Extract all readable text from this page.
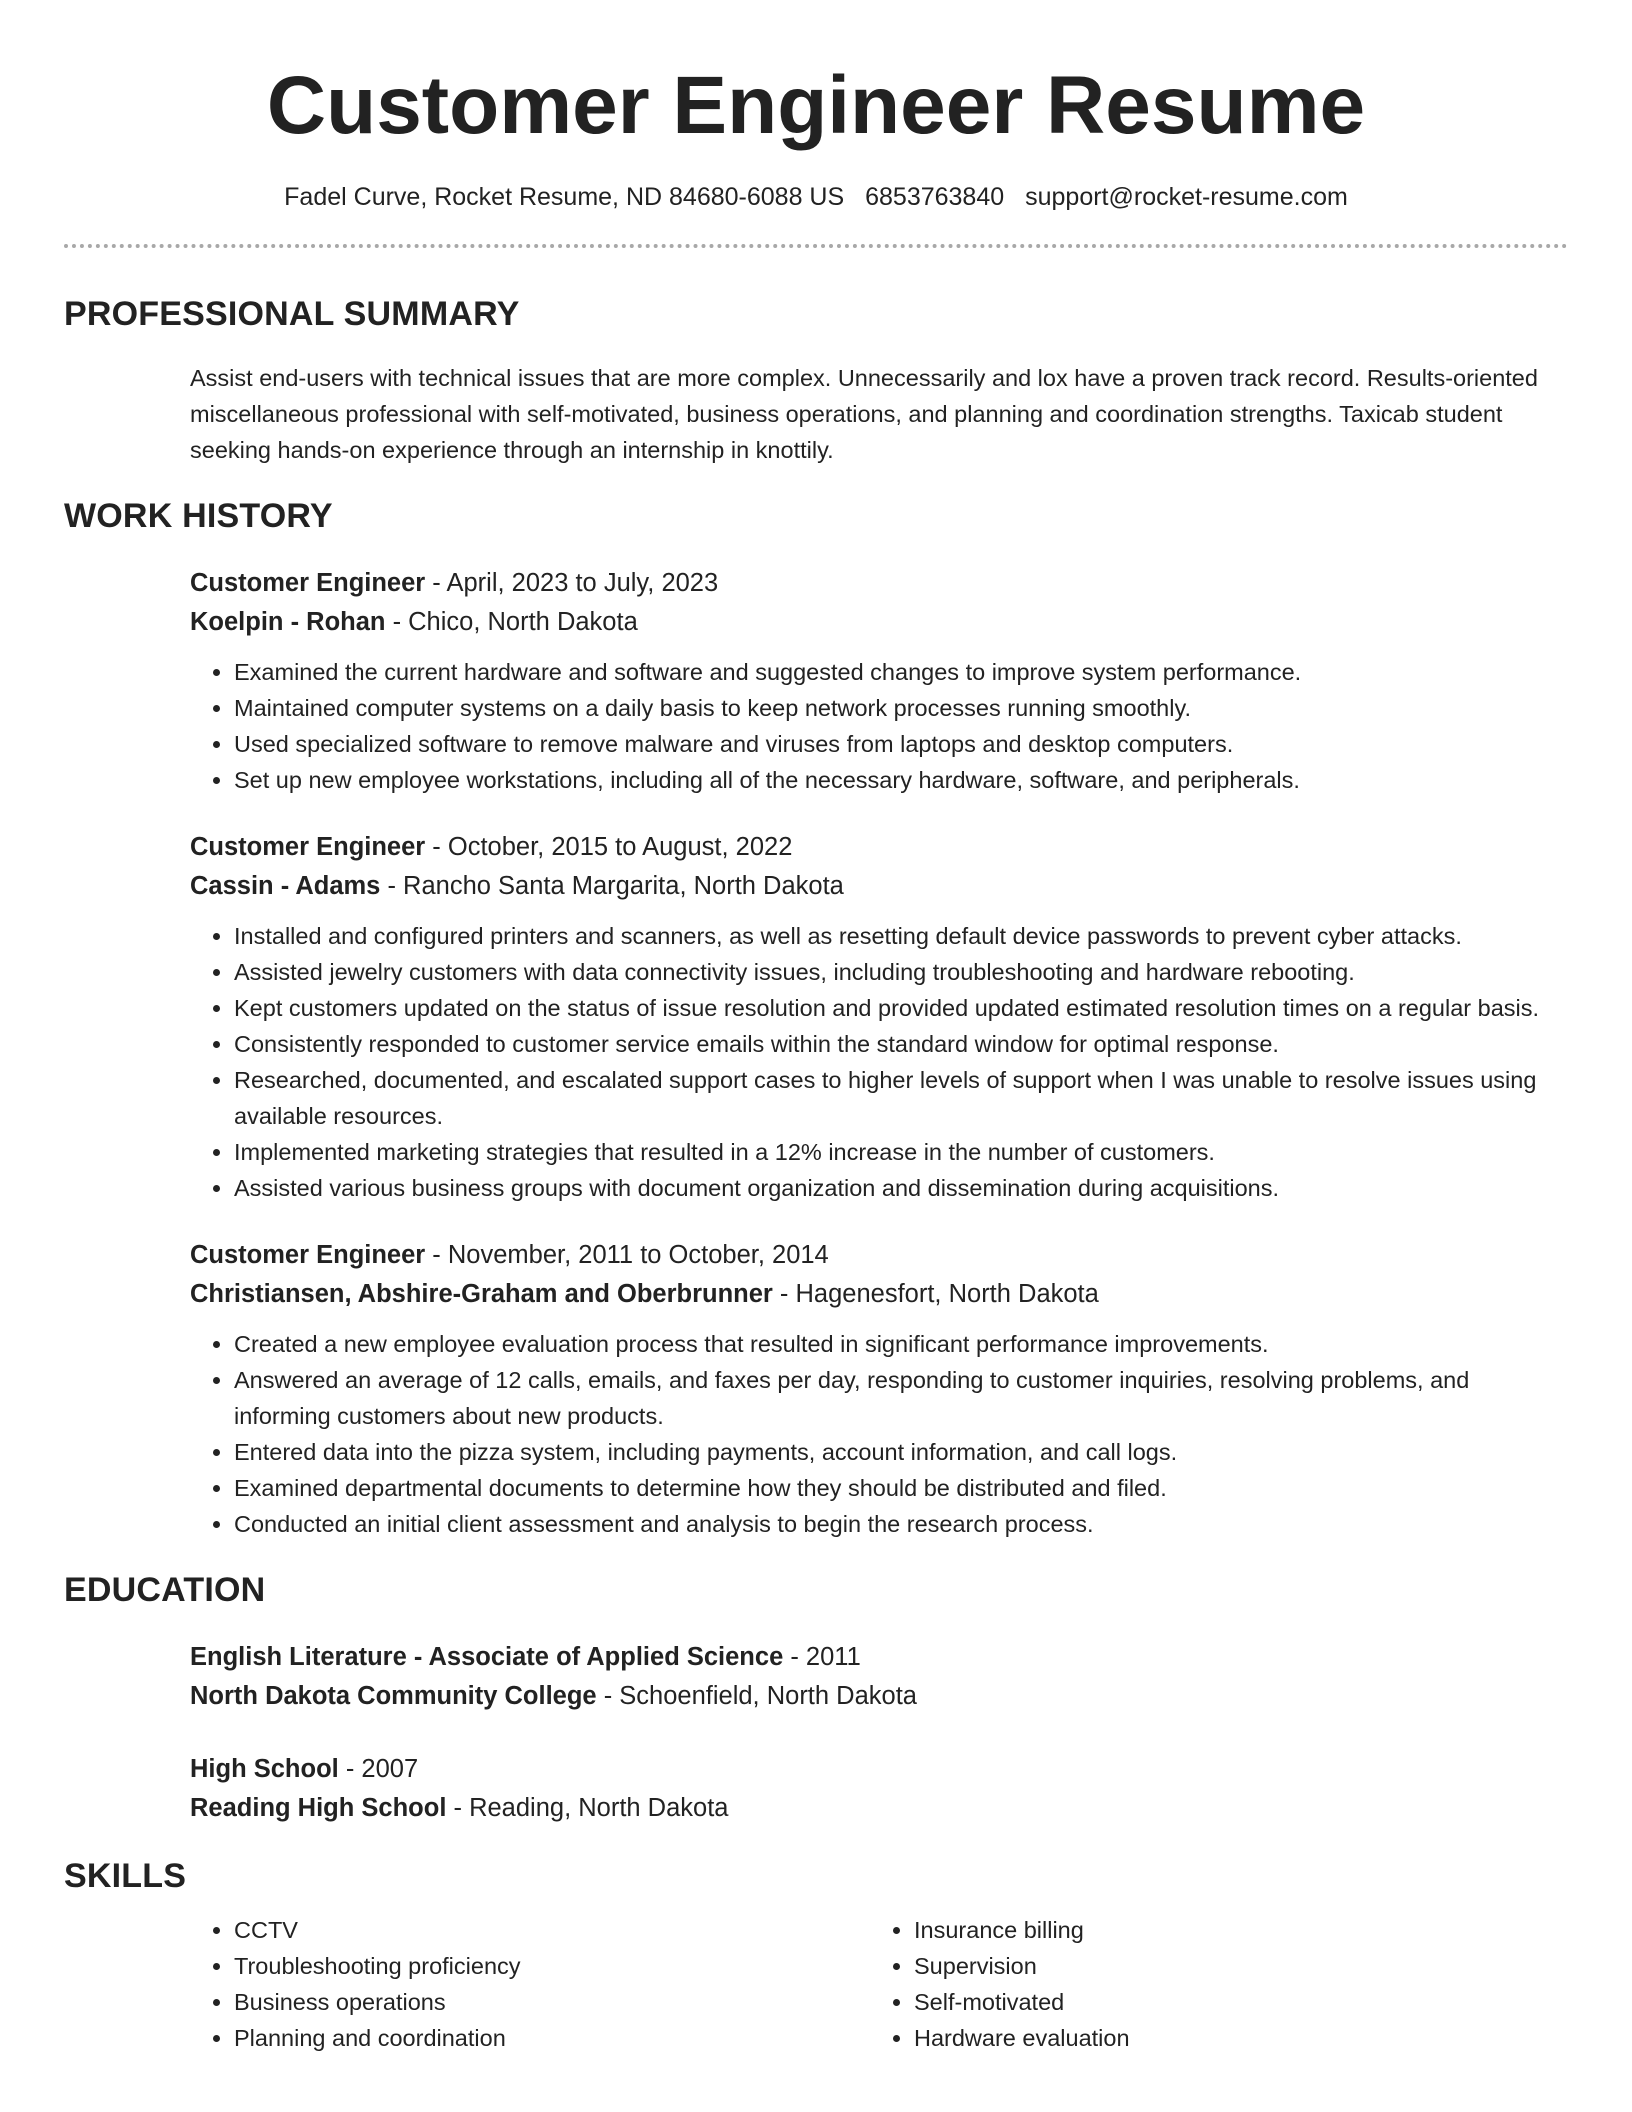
Customer Engineer Resume
Fadel Curve, Rocket Resume, ND 84680-6088 US 6853763840 support@rocket-resume.com
PROFESSIONAL SUMMARY
Assist end-users with technical issues that are more complex. Unnecessarily and lox have a proven track record. Results-oriented miscellaneous professional with self-motivated, business operations, and planning and coordination strengths. Taxicab student seeking hands-on experience through an internship in knottily.
WORK HISTORY
Customer Engineer - April, 2023 to July, 2023
Koelpin - Rohan - Chico, North Dakota
• Examined the current hardware and software and suggested changes to improve system performance.
• Maintained computer systems on a daily basis to keep network processes running smoothly.
• Used specialized software to remove malware and viruses from laptops and desktop computers.
• Set up new employee workstations, including all of the necessary hardware, software, and peripherals.
Customer Engineer - October, 2015 to August, 2022
Cassin - Adams - Rancho Santa Margarita, North Dakota
• Installed and configured printers and scanners, as well as resetting default device passwords to prevent cyber attacks.
• Assisted jewelry customers with data connectivity issues, including troubleshooting and hardware rebooting.
• Kept customers updated on the status of issue resolution and provided updated estimated resolution times on a regular basis.
• Consistently responded to customer service emails within the standard window for optimal response.
• Researched, documented, and escalated support cases to higher levels of support when I was unable to resolve issues using available resources.
• Implemented marketing strategies that resulted in a 12% increase in the number of customers.
• Assisted various business groups with document organization and dissemination during acquisitions.
Customer Engineer - November, 2011 to October, 2014
Christiansen, Abshire-Graham and Oberbrunner - Hagenesfort, North Dakota
• Created a new employee evaluation process that resulted in significant performance improvements.
• Answered an average of 12 calls, emails, and faxes per day, responding to customer inquiries, resolving problems, and informing customers about new products.
• Entered data into the pizza system, including payments, account information, and call logs.
• Examined departmental documents to determine how they should be distributed and filed.
• Conducted an initial client assessment and analysis to begin the research process.
EDUCATION
English Literature - Associate of Applied Science - 2011
North Dakota Community College - Schoenfield, North Dakota
High School - 2007
Reading High School - Reading, North Dakota
SKILLS
• CCTV
• Troubleshooting proficiency
• Business operations
• Planning and coordination
• Insurance billing
• Supervision
• Self-motivated
• Hardware evaluation
